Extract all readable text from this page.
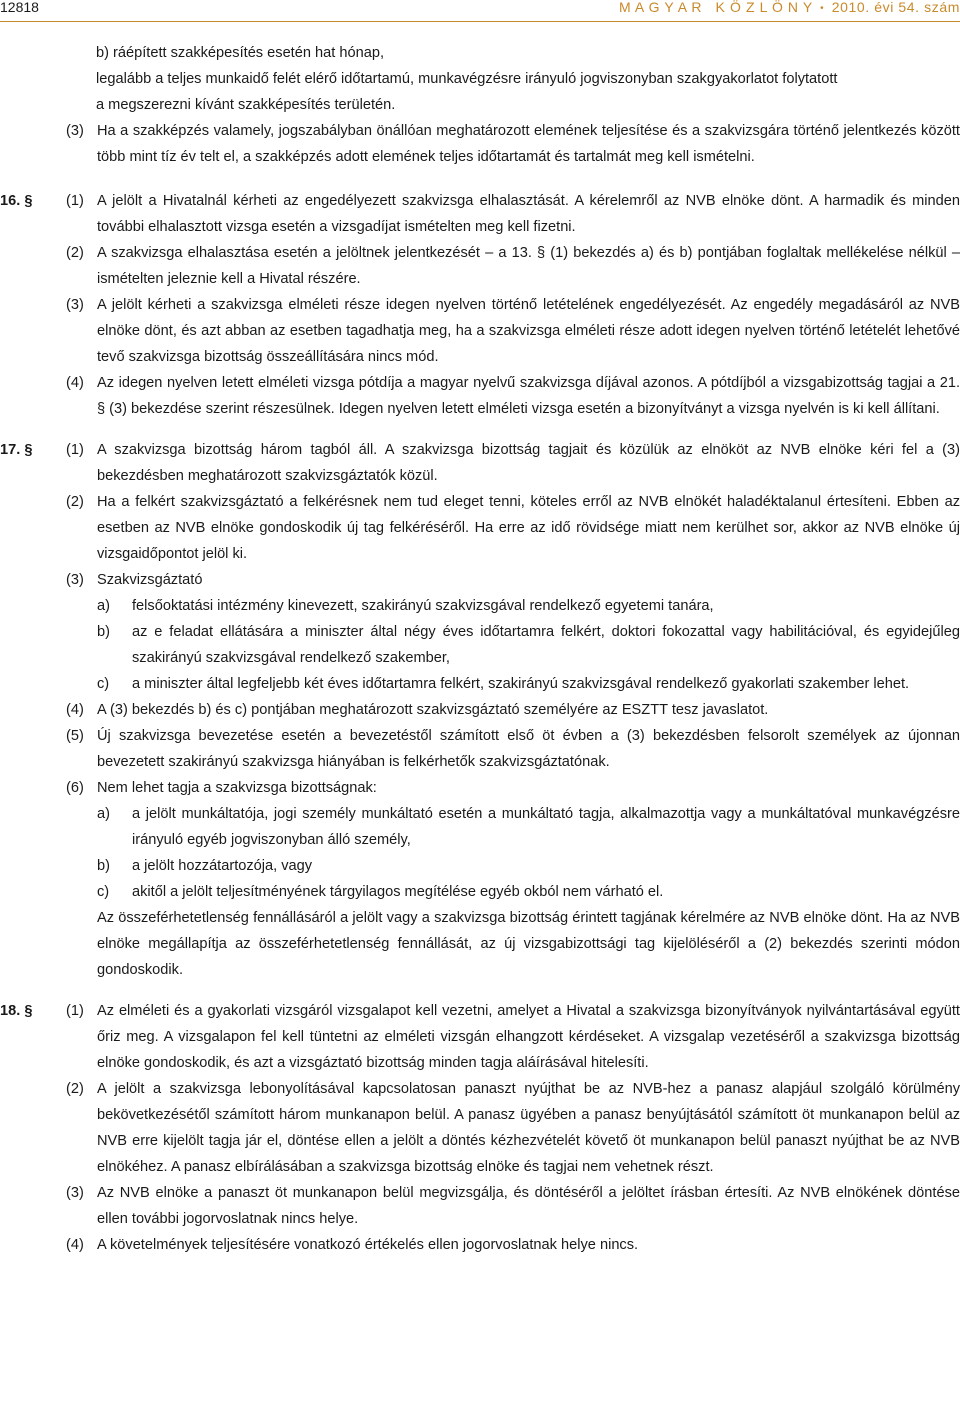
12818	M A G Y A R   K Ö Z L Ö N Y • 2010. évi 54. szám
b) ráépített szakképesítés esetén hat hónap,
legalább a teljes munkaidő felét elérő időtartamú, munkavégzésre irányuló jogviszonyban szakgyakorlatot folytatott
a megszerezni kívánt szakképesítés területén.
(3) Ha a szakképzés valamely, jogszabályban önállóan meghatározott elemének teljesítése és a szakvizsgára történő jelentkezés között több mint tíz év telt el, a szakképzés adott elemének teljes időtartamát és tartalmát meg kell ismételni.
16. §	(1) A jelölt a Hivatalnál kérheti az engedélyezett szakvizsga elhalasztását. A kérelemről az NVB elnöke dönt. A harmadik és minden további elhalasztott vizsga esetén a vizsgadíjat ismételten meg kell fizetni.
(2) A szakvizsga elhalasztása esetén a jelöltnek jelentkezését – a 13. § (1) bekezdés a) és b) pontjában foglaltak mellékelése nélkül – ismételten jeleznie kell a Hivatal részére.
(3) A jelölt kérheti a szakvizsga elméleti része idegen nyelven történő letételének engedélyezését. Az engedély megadásáról az NVB elnöke dönt, és azt abban az esetben tagadhatja meg, ha a szakvizsga elméleti része adott idegen nyelven történő letételét lehetővé tevő szakvizsga bizottság összeállítására nincs mód.
(4) Az idegen nyelven letett elméleti vizsga pótdíja a magyar nyelvű szakvizsga díjával azonos. A pótdíjból a vizsgabizottság tagjai a 21. § (3) bekezdése szerint részesülnek. Idegen nyelven letett elméleti vizsga esetén a bizonyítványt a vizsga nyelvén is ki kell állítani.
17. §	(1) A szakvizsga bizottság három tagból áll. A szakvizsga bizottság tagjait és közülük az elnököt az NVB elnöke kéri fel a (3) bekezdésben meghatározott szakvizsgáztatók közül.
(2) Ha a felkért szakvizsgáztató a felkérésnek nem tud eleget tenni, köteles erről az NVB elnökét haladéktalanul értesíteni. Ebben az esetben az NVB elnöke gondoskodik új tag felkéréséről. Ha erre az idő rövidsége miatt nem kerülhet sor, akkor az NVB elnöke új vizsgaidőpontot jelöl ki.
(3) Szakvizsgáztató
a)	felsőoktatási intézmény kinevezett, szakirányú szakvizsgával rendelkező egyetemi tanára,
b)	az e feladat ellátására a miniszter által négy éves időtartamra felkért, doktori fokozattal vagy habilitációval, és egyidejűleg szakirányú szakvizsgával rendelkező szakember,
c)	a miniszter által legfeljebb két éves időtartamra felkért, szakirányú szakvizsgával rendelkező gyakorlati szakember lehet.
(4) A (3) bekezdés b) és c) pontjában meghatározott szakvizsgáztató személyére az ESZTT tesz javaslatot.
(5) Új szakvizsga bevezetése esetén a bevezetéstől számított első öt évben a (3) bekezdésben felsorolt személyek az újonnan bevezetett szakirányú szakvizsga hiányában is felkérhetők szakvizsgáztatónak.
(6) Nem lehet tagja a szakvizsga bizottságnak:
a)	a jelölt munkáltatója, jogi személy munkáltató esetén a munkáltató tagja, alkalmazottja vagy a munkáltatóval munkavégzésre irányuló egyéb jogviszonyban álló személy,
b)	a jelölt hozzátartozója, vagy
c)	akitől a jelölt teljesítményének tárgyilagos megítélése egyéb okból nem várható el.
Az összeférhetetlenség fennállásáról a jelölt vagy a szakvizsga bizottság érintett tagjának kérelmére az NVB elnöke dönt. Ha az NVB elnöke megállapítja az összeférhetetlenség fennállását, az új vizsgabizottsági tag kijelöléséről a (2) bekezdés szerinti módon gondoskodik.
18. §	(1) Az elméleti és a gyakorlati vizsgáról vizsgalapot kell vezetni, amelyet a Hivatal a szakvizsga bizonyítványok nyilvántartásával együtt őriz meg. A vizsgalapon fel kell tüntetni az elméleti vizsgán elhangzott kérdéseket. A vizsgalap vezetéséről a szakvizsga bizottság elnöke gondoskodik, és azt a vizsgáztató bizottság minden tagja aláírásával hitelesíti.
(2) A jelölt a szakvizsga lebonyolításával kapcsolatosan panaszt nyújthat be az NVB-hez a panasz alapjául szolgáló körülmény bekövetkezésétől számított három munkanapon belül. A panasz ügyében a panasz benyújtásától számított öt munkanapon belül az NVB erre kijelölt tagja jár el, döntése ellen a jelölt a döntés kézhezvételét követő öt munkanapon belül panaszt nyújthat be az NVB elnökéhez. A panasz elbírálásában a szakvizsga bizottság elnöke és tagjai nem vehetnek részt.
(3) Az NVB elnöke a panaszt öt munkanapon belül megvizsgálja, és döntéséről a jelöltet írásban értesíti. Az NVB elnökének döntése ellen további jogorvoslatnak nincs helye.
(4) A követelmények teljesítésére vonatkozó értékelés ellen jogorvoslatnak helye nincs.
